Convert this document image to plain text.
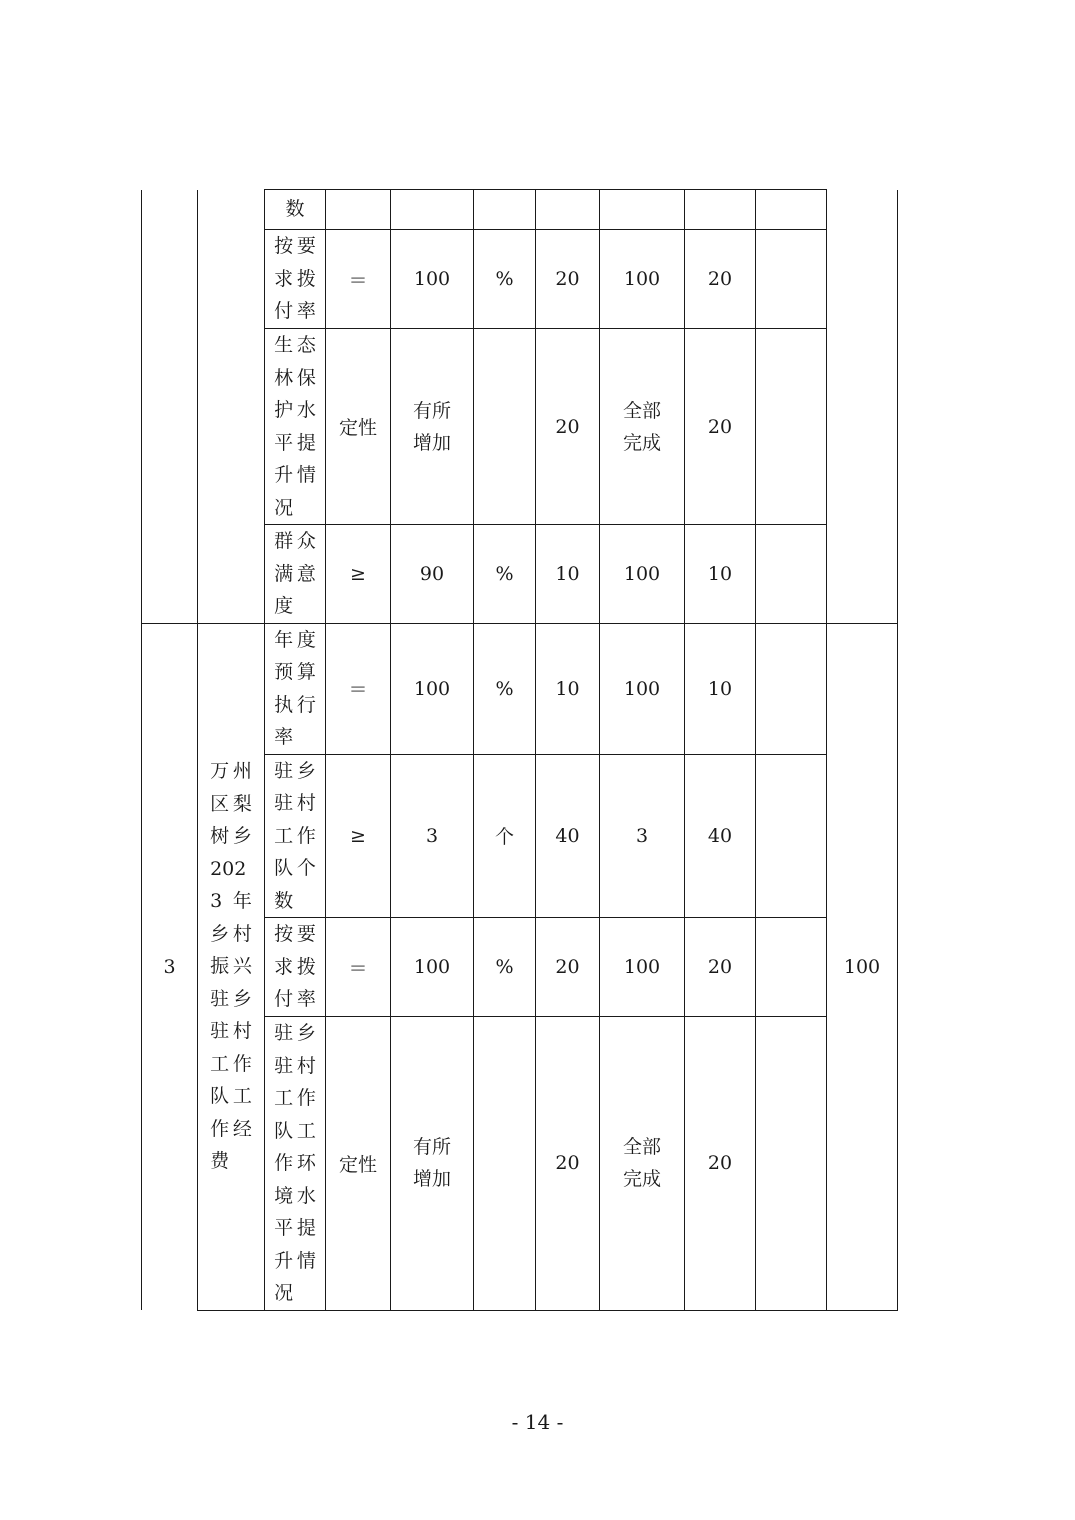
		数								
		按要求拨付率	＝	100	%	20	100	20		
		生态林保护水平提升情况	定性	有所增加		20	全部完成	20		
		群众满意度	≥	90	%	10	100	10		
3	万州区梨树乡2023年乡村振兴驻乡驻村工作队工作经费	年度预算执行率	＝	100	%	10	100	10		100
		驻乡驻村工作队个数	≥	3	个	40	3	40		
		按要求拨付率	＝	100	%	20	100	20		
		驻乡驻村工作队工作环境水平提升情况	定性	有所增加		20	全部完成	20		
- 14 -
